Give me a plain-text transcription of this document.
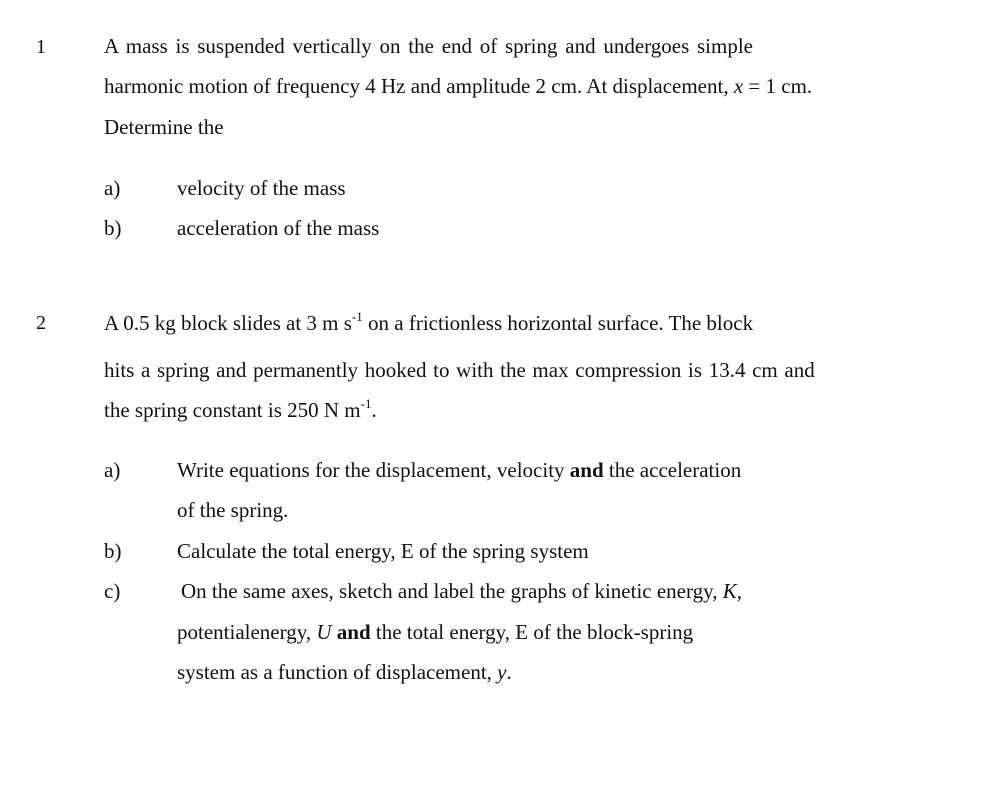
1	A mass is suspended vertically on the end of spring and undergoes simple
harmonic motion of frequency 4 Hz and amplitude 2 cm. At displacement, x = 1 cm.
Determine the
a)	velocity of the mass
b)	acceleration of the mass
2	A 0.5 kg block slides at 3 m $s^{-1}$ on a frictionless horizontal surface. The block
hits a spring and permanently hooked to with the max compression is 13.4 cm and
the spring constant is 250 N $m^{-1}$.
a)	Write equations for the displacement, velocity and the acceleration
of the spring.
b)	Calculate the total energy, E of the spring system
c)	On the same axes, sketch and label the graphs of kinetic energy, K,
potentialenergy, U and the total energy, E of the block-spring
system as a function of displacement, y.
